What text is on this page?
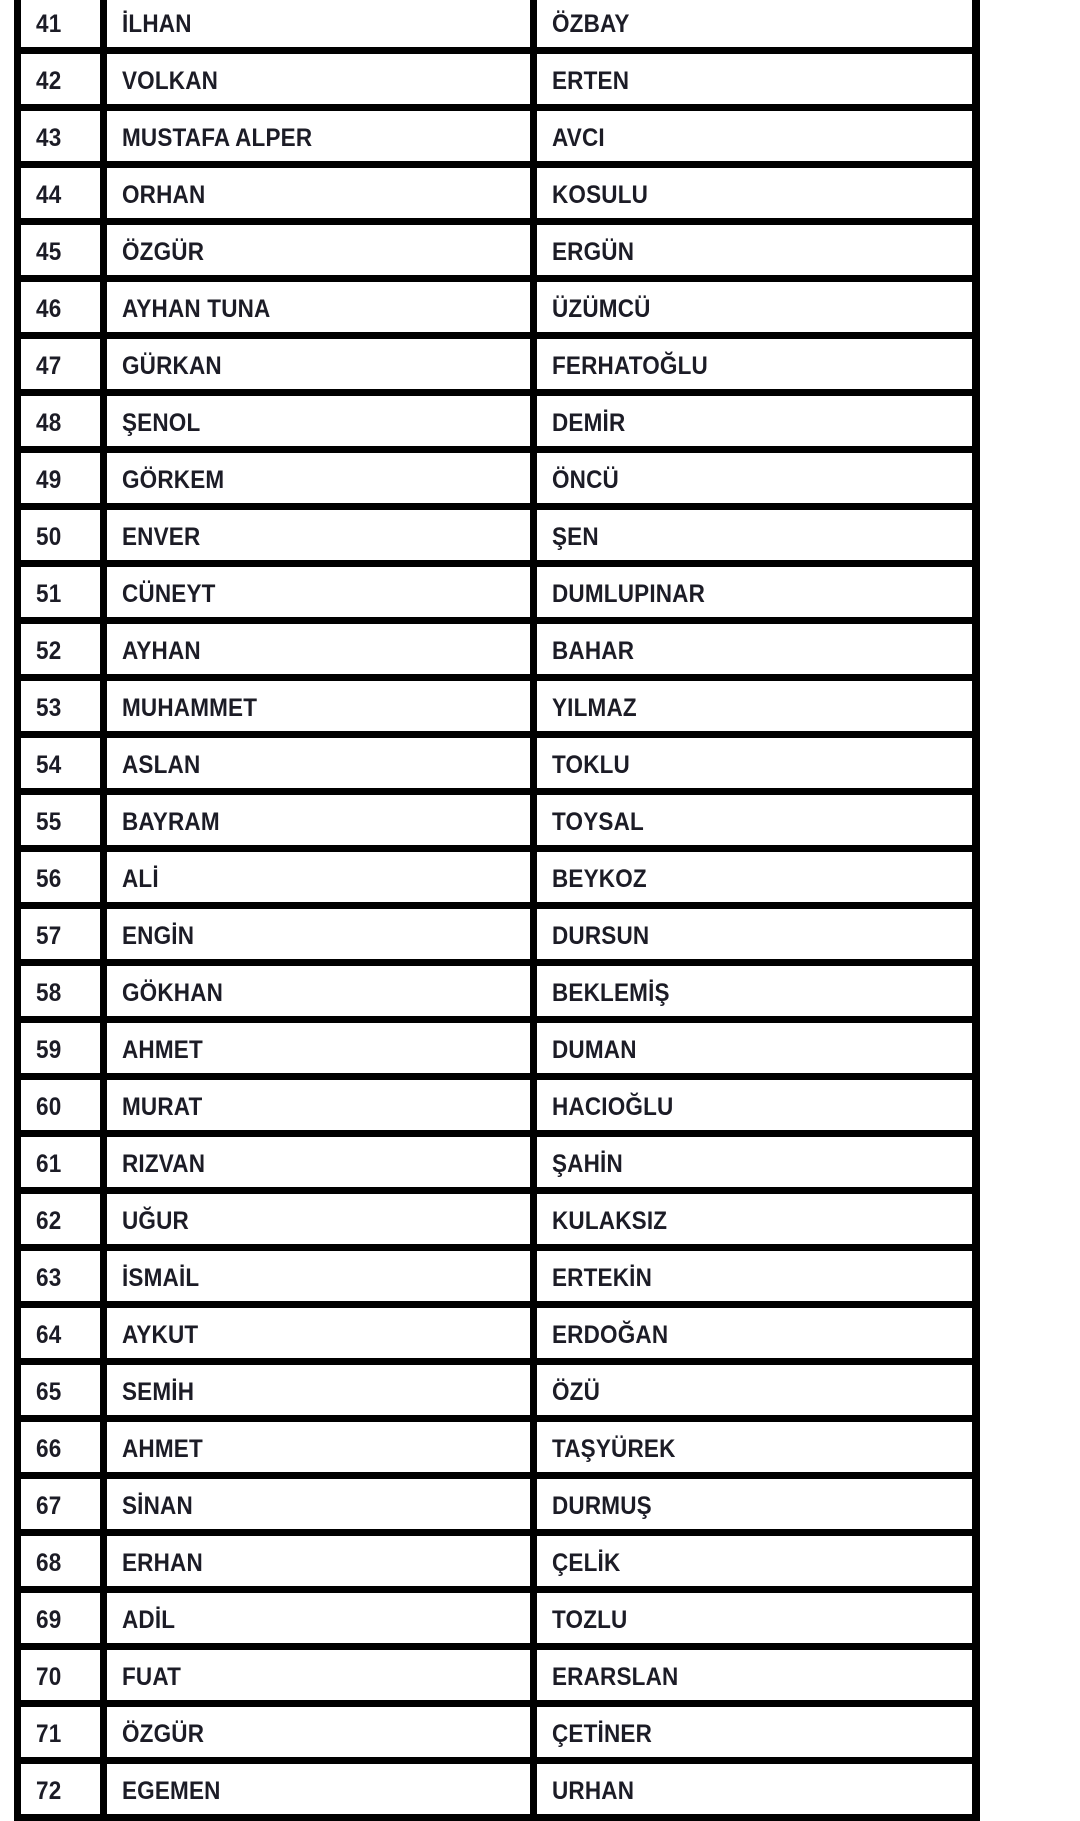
41 İLHAN	ÖZBAY
42 VOLKAN	ERTEN
43 MUSTAFA ALPER	AVCI
44 ORHAN	KOSULU
45 ÖZGÜR	ERGÜN
46 AYHAN TUNA	ÜZÜMCÜ
47 GÜRKAN	FERHATOĞLU
48 ŞENOL	DEMİR
49 GÖRKEM	ÖNCÜ
50 ENVER	ŞEN
51 CÜNEYT	DUMLUPINAR
52 AYHAN	BAHAR
53 MUHAMMET	YILMAZ
54 ASLAN	TOKLU
55 BAYRAM	TOYSAL
56 ALİ	BEYKOZ
57 ENGİN	DURSUN
58 GÖKHAN	BEKLEMİŞ
59 AHMET	DUMAN
60 MURAT	HACIOĞLU
61 RIZVAN	ŞAHİN
62 UĞUR	KULAKSIZ
63 İSMAİL	ERTEKİN
64 AYKUT	ERDOĞAN
65 SEMİH	ÖZÜ
66 AHMET	TAŞYÜREK
67 SİNAN	DURMUŞ
68 ERHAN	ÇELİK
69 ADİL	TOZLU
70 FUAT	ERARSLAN
71 ÖZGÜR	ÇETİNER
72 EGEMEN	URHAN
